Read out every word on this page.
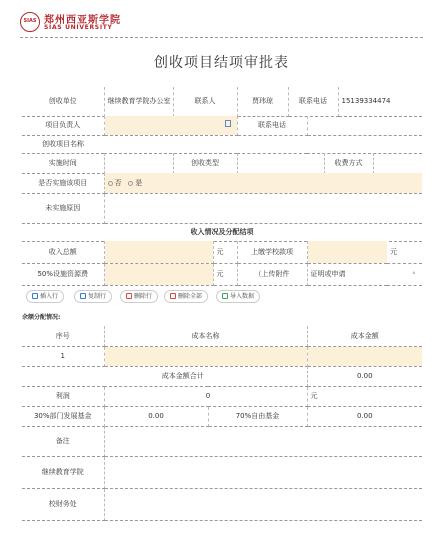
SIAS 郑州西亚斯学院
SIAS UNIVERSITY
创收项目结项审批表
创收单位	继续教育学院办公室	联系人	贾玮琼	联系电话	15139334474
项目负责人		联系电话	
创收项目名称			
实施时间		创收类型		收费方式	
是否实施该项目	否 是
未实施原因	
收入情况及分配结项	
收入总额		元	上缴学校款项		元
50%设施资源费		元	（上传附件	证明或申请 ∘	
插入行	复制行	删除行	删除全部	导入数据
余额分配情况:
序号	成本名称	成本金额
1		
成本金额合计			0.00
利润	0		元
30%部门发展基金	0.00	70%自由基金	0.00
备注	
继续教育学院	
校财务处	
